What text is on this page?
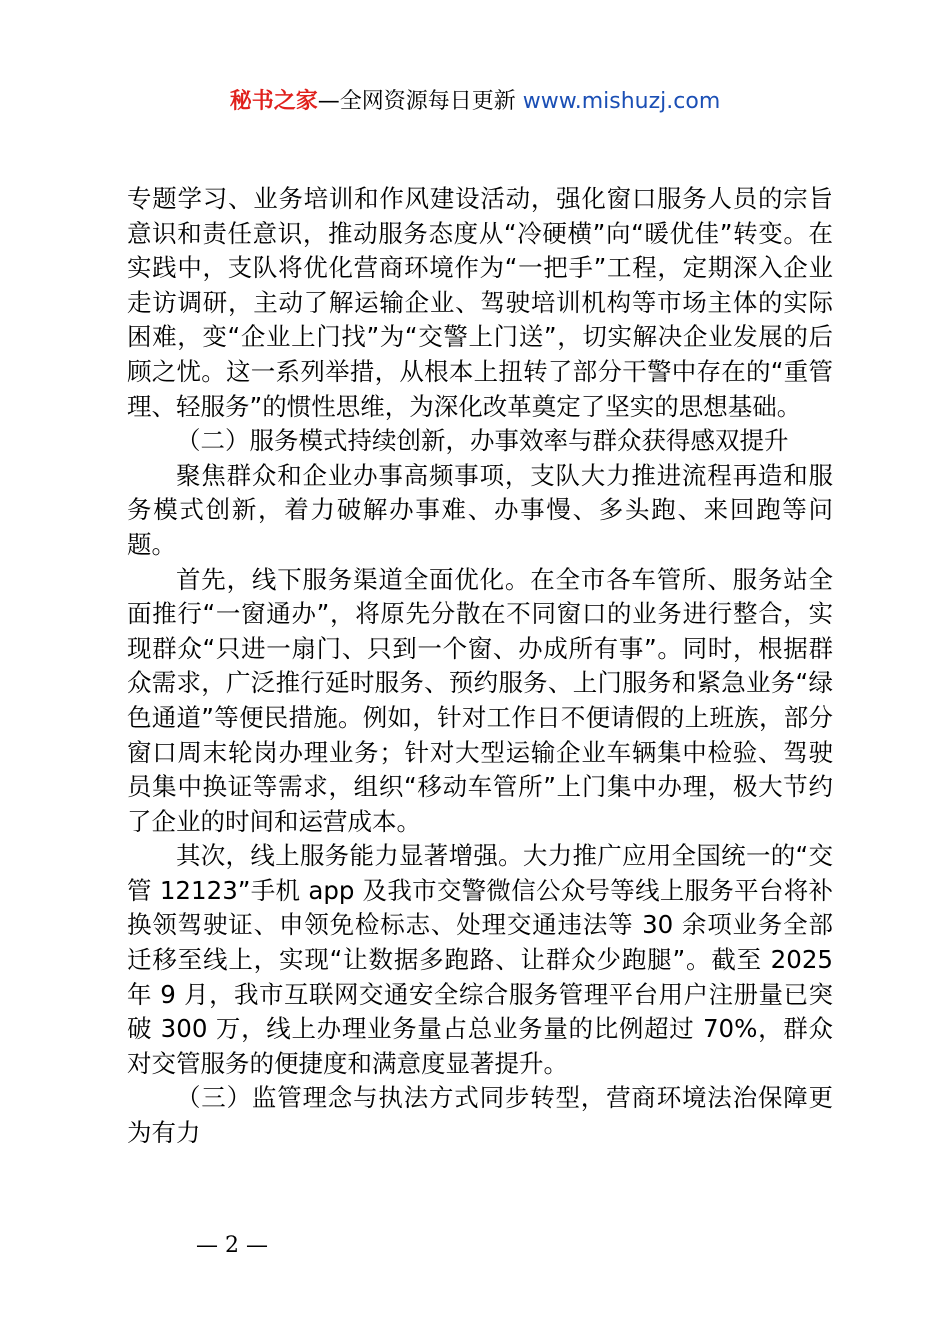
秘书之家—全网资源每日更新 www.mishuzj.com

专题学习、业务培训和作风建设活动，强化窗口服务人员的宗旨意识和责任意识，推动服务态度从“冷硬横”向“暖优佳”转变。在实践中，支队将优化营商环境作为“一把手”工程，定期深入企业走访调研，主动了解运输企业、驾驶培训机构等市场主体的实际困难，变“企业上门找”为“交警上门送”，切实解决企业发展的后顾之忧。这一系列举措，从根本上扭转了部分干警中存在的“重管理、轻服务”的惯性思维，为深化改革奠定了坚实的思想基础。

（二）服务模式持续创新，办事效率与群众获得感双提升

聚焦群众和企业办事高频事项，支队大力推进流程再造和服务模式创新，着力破解办事难、办事慢、多头跑、来回跑等问题。

首先，线下服务渠道全面优化。在全市各车管所、服务站全面推行“一窗通办”，将原先分散在不同窗口的业务进行整合，实现群众“只进一扇门、只到一个窗、办成所有事”。同时，根据群众需求，广泛推行延时服务、预约服务、上门服务和紧急业务“绿色通道”等便民措施。例如，针对工作日不便请假的上班族，部分窗口周末轮岗办理业务；针对大型运输企业车辆集中检验、驾驶员集中换证等需求，组织“移动车管所”上门集中办理，极大节约了企业的时间和运营成本。

其次，线上服务能力显著增强。大力推广应用全国统一的“交管 12123”手机 app 及我市交警微信公众号等线上服务平台将补换领驾驶证、申领免检标志、处理交通违法等 30 余项业务全部迁移至线上，实现“让数据多跑路、让群众少跑腿”。截至 2025 年 9 月，我市互联网交通安全综合服务管理平台用户注册量已突破 300 万，线上办理业务量占总业务量的比例超过 70%，群众对交管服务的便捷度和满意度显著提升。

（三）监管理念与执法方式同步转型，营商环境法治保障更为有力

— 2 —
